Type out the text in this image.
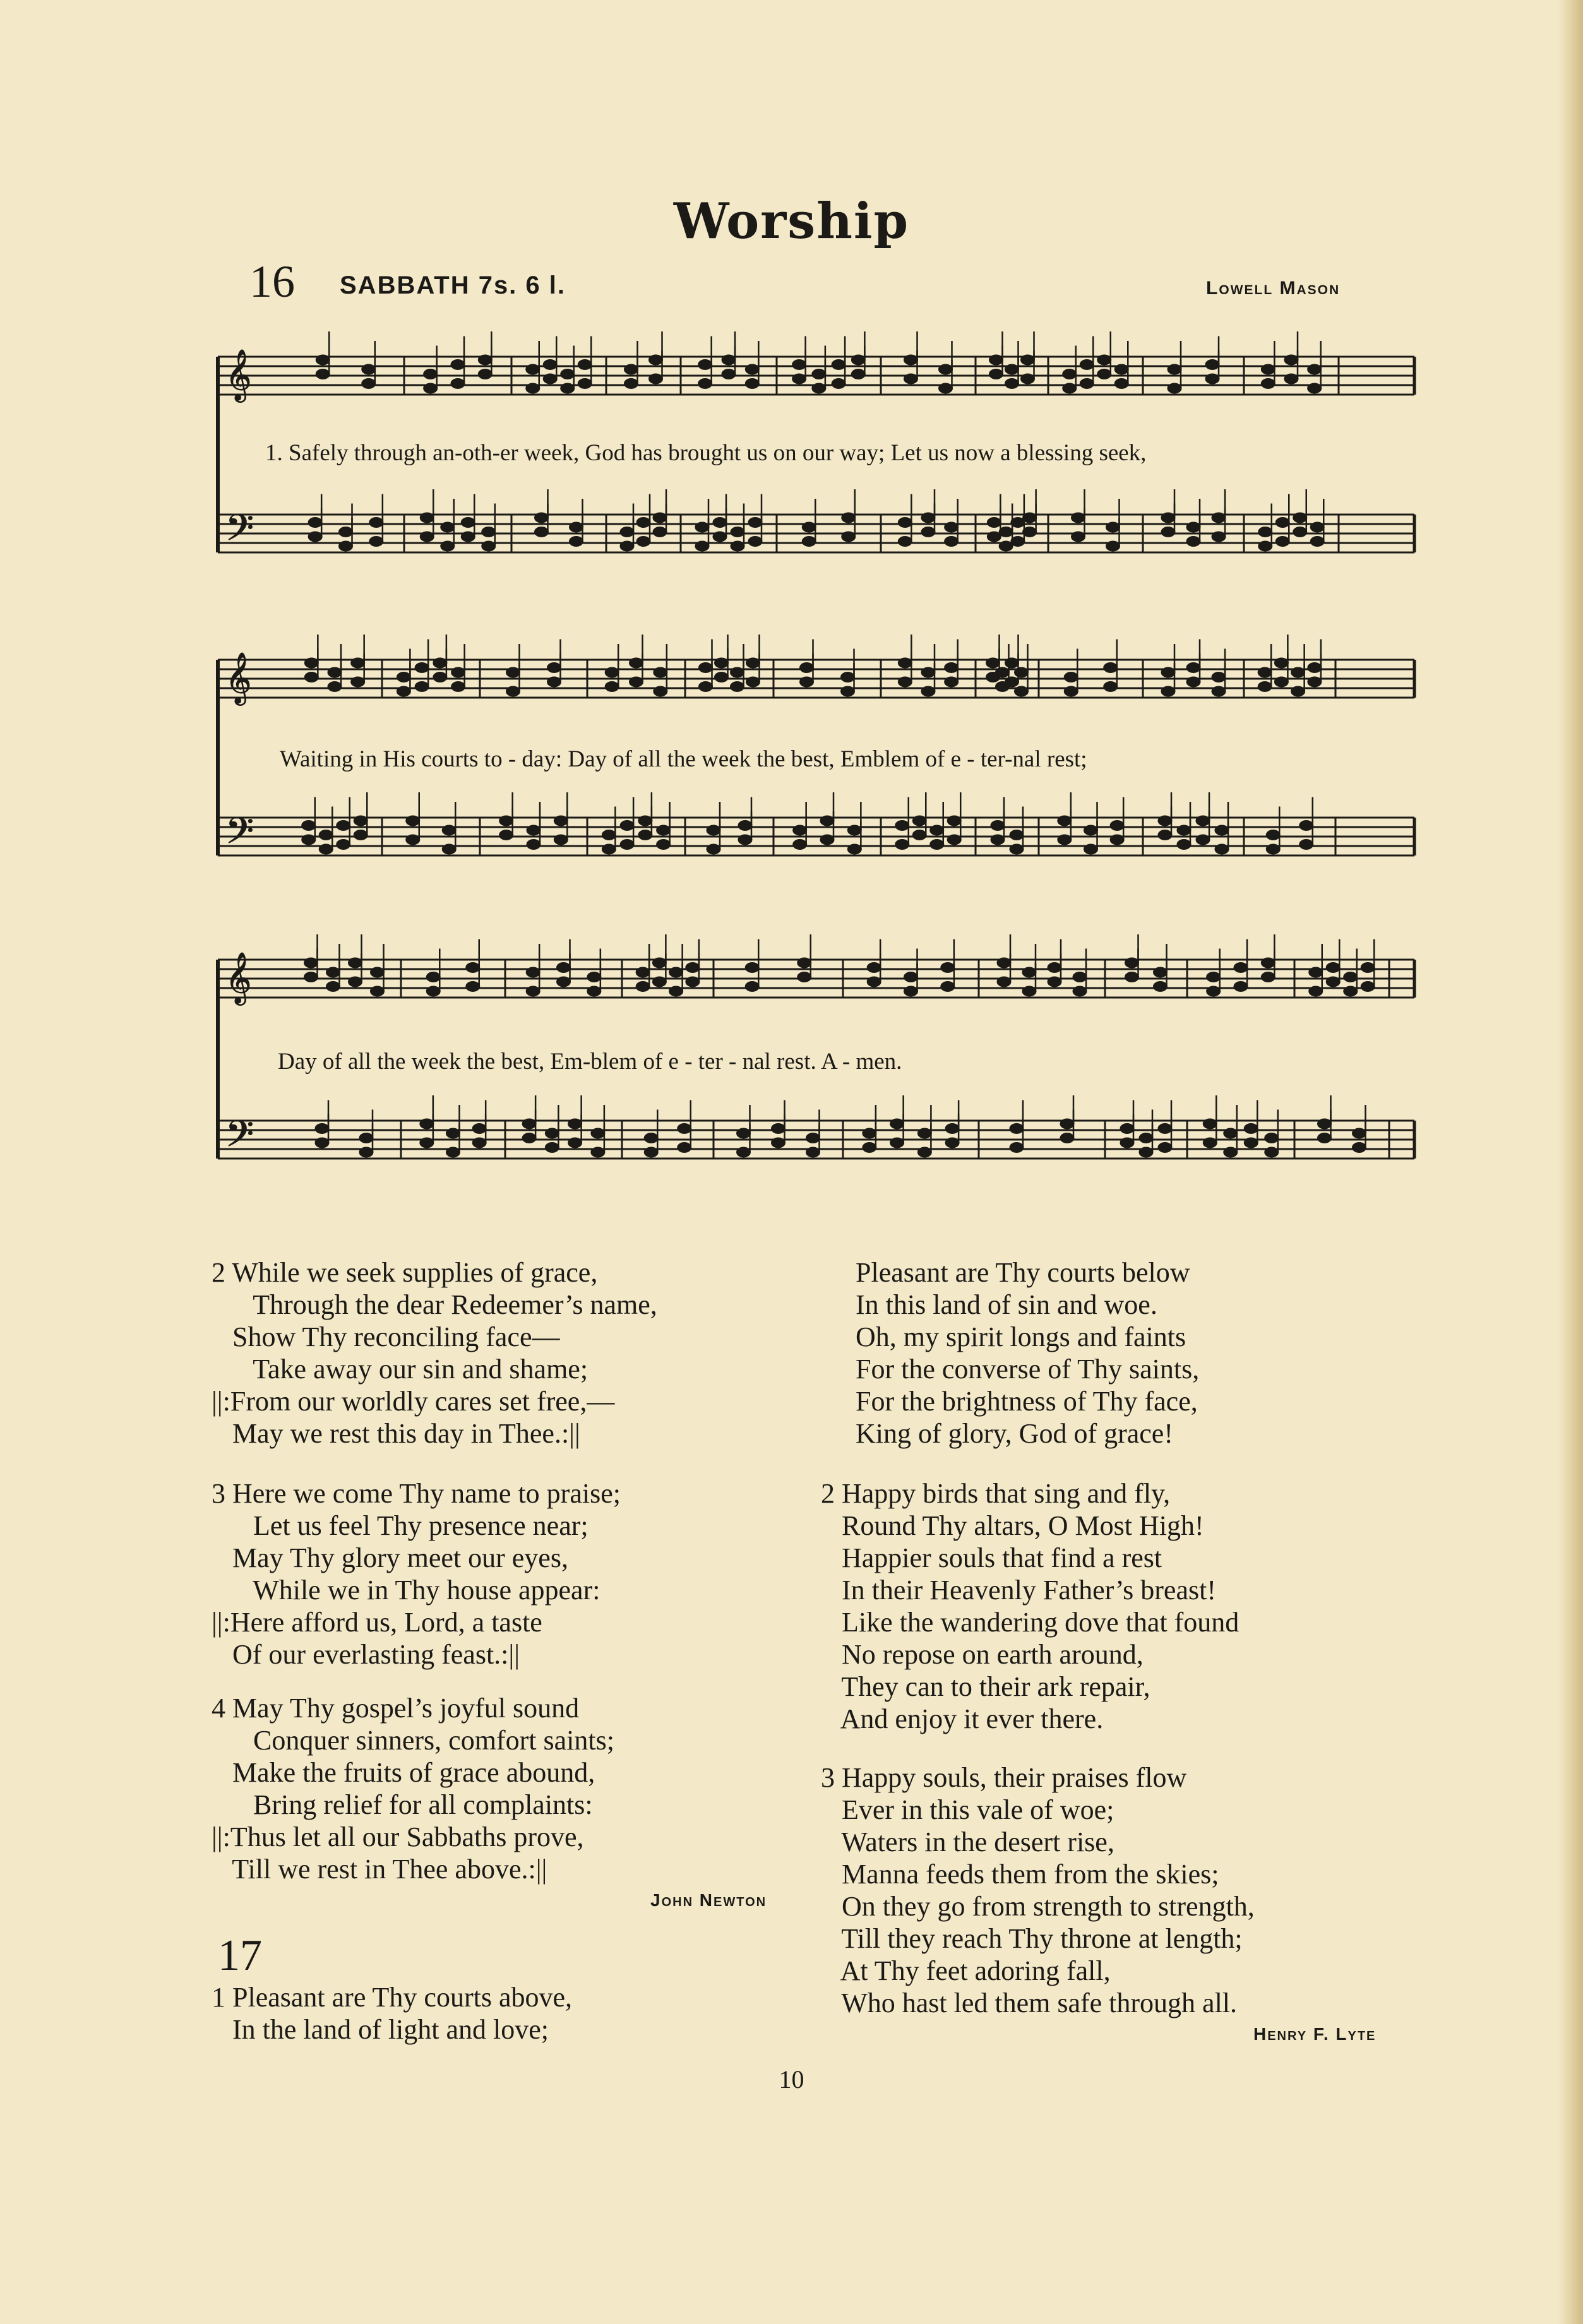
Worship
16 SABBATH 7s. 6 l.	Lowell Mason
𝄞
𝄢
𝄞
𝄢
𝄞
𝄢
1. Safely through an-oth-er week, God has brought us on our way; Let us now a blessing seek,
Waiting in His courts to - day: Day of all the week the best, Emblem of e - ter-nal rest;
Day of all the week the best, Em-blem of e - ter - nal rest. A - men.
2 While we seek supplies of grace,
Through the dear Redeemer’s name,
Show Thy reconciling face—
Take away our sin and shame;
||:From our worldly cares set free,—
May we rest this day in Thee.:||
3 Here we come Thy name to praise;
Let us feel Thy presence near;
May Thy glory meet our eyes,
While we in Thy house appear:
||:Here afford us, Lord, a taste
Of our everlasting feast.:||
4 May Thy gospel’s joyful sound
Conquer sinners, comfort saints;
Make the fruits of grace abound,
Bring relief for all complaints:
||:Thus let all our Sabbaths prove,
Till we rest in Thee above.:||
John Newton
17
1 Pleasant are Thy courts above,
In the land of light and love;
Pleasant are Thy courts below
In this land of sin and woe.
Oh, my spirit longs and faints
For the converse of Thy saints,
For the brightness of Thy face,
King of glory, God of grace!
2 Happy birds that sing and fly,
Round Thy altars, O Most High!
Happier souls that find a rest
In their Heavenly Father’s breast!
Like the wandering dove that found
No repose on earth around,
They can to their ark repair,
And enjoy it ever there.
3 Happy souls, their praises flow
Ever in this vale of woe;
Waters in the desert rise,
Manna feeds them from the skies;
On they go from strength to strength,
Till they reach Thy throne at length;
At Thy feet adoring fall,
Who hast led them safe through all.
Henry F. Lyte
10
